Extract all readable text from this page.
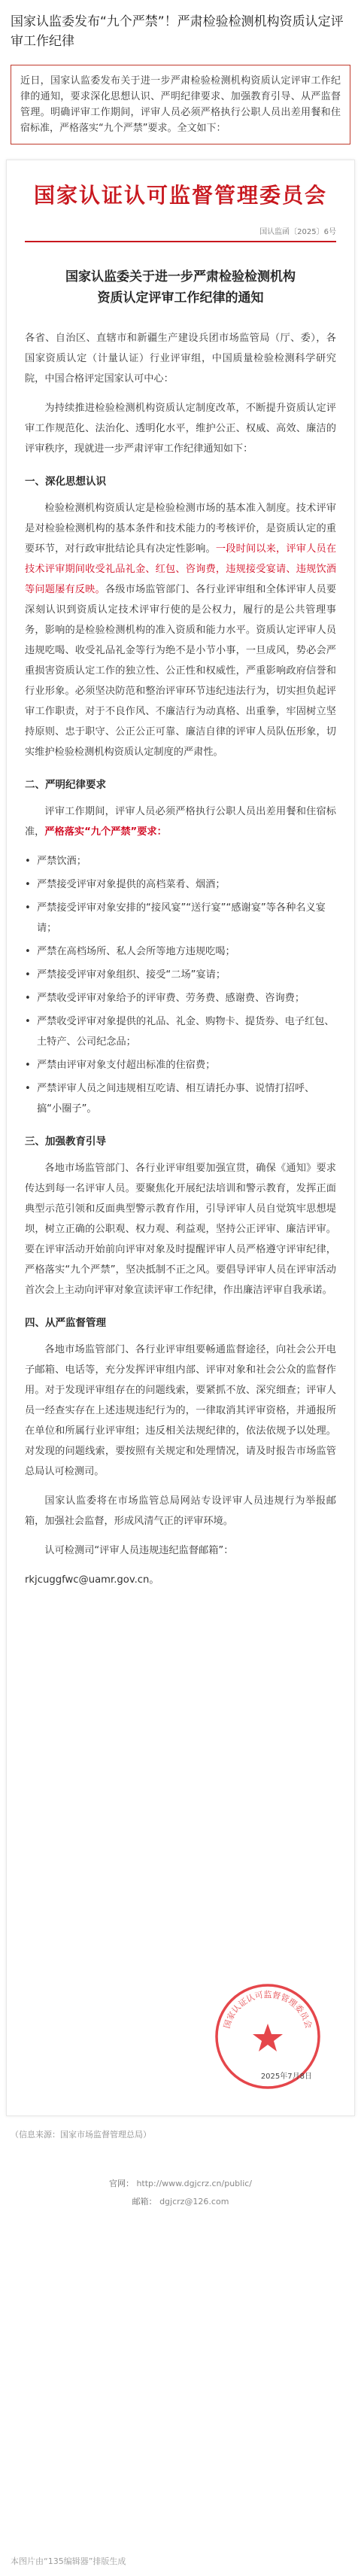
国家认监委发布“九个严禁”！严肃检验检测机构资质认定评审工作纪律

近日，国家认监委发布关于进一步严肃检验检测机构资质认定评审工作纪律的通知，要求深化思想认识、严明纪律要求、加强教育引导、从严监督管理。明确评审工作期间，评审人员必须严格执行公职人员出差用餐和住宿标准，严格落实“九个严禁”要求。全文如下：

国家认证认可监督管理委员会
国认监函〔2025〕6号
国家认监委关于进一步严肃检验检测机构
资质认定评审工作纪律的通知

各省、自治区、直辖市和新疆生产建设兵团市场监管局（厅、委），各国家资质认定（计量认证）行业评审组，中国质量检验检测科学研究院，中国合格评定国家认可中心：

为持续推进检验检测机构资质认定制度改革，不断提升资质认定评审工作规范化、法治化、透明化水平，维护公正、权威、高效、廉洁的评审秩序，现就进一步严肃评审工作纪律通知如下：

一、深化思想认识

检验检测机构资质认定是检验检测市场的基本准入制度。技术评审是对检验检测机构的基本条件和技术能力的考核评价，是资质认定的重要环节，对行政审批结论具有决定性影响。一段时间以来，评审人员在技术评审期间收受礼品礼金、红包、咨询费，违规接受宴请、违规饮酒等问题屡有反映。各级市场监管部门、各行业评审组和全体评审人员要深刻认识到资质认定技术评审行使的是公权力，履行的是公共管理事务，影响的是检验检测机构的准入资质和能力水平。资质认定评审人员违规吃喝、收受礼品礼金等行为绝不是小节小事，一旦成风，势必会严重损害资质认定工作的独立性、公正性和权威性，严重影响政府信誉和行业形象。必须坚决防范和整治评审环节违纪违法行为，切实担负起评审工作职责，对于不良作风、不廉洁行为动真格、出重拳，牢固树立坚持原则、忠于职守、公正公正可靠、廉洁自律的评审人员队伍形象，切实维护检验检测机构资质认定制度的严肃性。

二、严明纪律要求

评审工作期间，评审人员必须严格执行公职人员出差用餐和住宿标准，严格落实“九个严禁”要求：

• 严禁饮酒；
• 严禁接受评审对象提供的高档菜肴、烟酒；
• 严禁接受评审对象安排的“接风宴”“送行宴”“感谢宴”等各种名义宴请；
• 严禁在高档场所、私人会所等地方违规吃喝；
• 严禁接受评审对象组织、接受“二场”宴请；
• 严禁收受评审对象给予的评审费、劳务费、感谢费、咨询费；
• 严禁收受评审对象提供的礼品、礼金、购物卡、提货券、电子红包、土特产、公司纪念品；
• 严禁由评审对象支付超出标准的住宿费；
• 严禁评审人员之间违规相互吃请、相互请托办事、说情打招呼、搞“小圈子”。
三、加强教育引导

各地市场监管部门、各行业评审组要加强宣贯，确保《通知》要求传达到每一名评审人员。要聚焦化开展纪法培训和警示教育，发挥正面典型示范引领和反面典型警示教育作用，引导评审人员自觉筑牢思想堤坝，树立正确的公职观、权力观、利益观，坚持公正评审、廉洁评审。要在评审活动开始前向评审对象及时提醒评审人员严格遵守评审纪律，严格落实“九个严禁”，坚决抵制不正之风。要倡导评审人员在评审活动首次会上主动向评审对象宣读评审工作纪律，作出廉洁评审自我承诺。

四、从严监督管理

各地市场监管部门、各行业评审组要畅通监督途径，向社会公开电子邮箱、电话等，充分发挥评审组内部、评审对象和社会公众的监督作用。对于发现评审组存在的问题线索，要紧抓不放、深究细查；评审人员一经查实存在上述违规违纪行为的，一律取消其评审资格，并通报所在单位和所属行业评审组；违反相关法规纪律的，依法依规予以处理。对发现的问题线索，要按照有关规定和处理情况，请及时报告市场监管总局认可检测司。

国家认监委将在市场监管总局网站专设评审人员违规行为举报邮箱，加强社会监督，形成风清气正的评审环境。

认可检测司“评审人员违规违纪监督邮箱”：

rkjcuggfwc@uamr.gov.cn。

国家认证认可监督管理委员会
2025年7月8日
（信息来源：国家市场监督管理总局）
官网： http://www.dgjcrz.cn/public/
邮箱： dgjcrz@126.com
本图片由“135编辑器”排版生成
